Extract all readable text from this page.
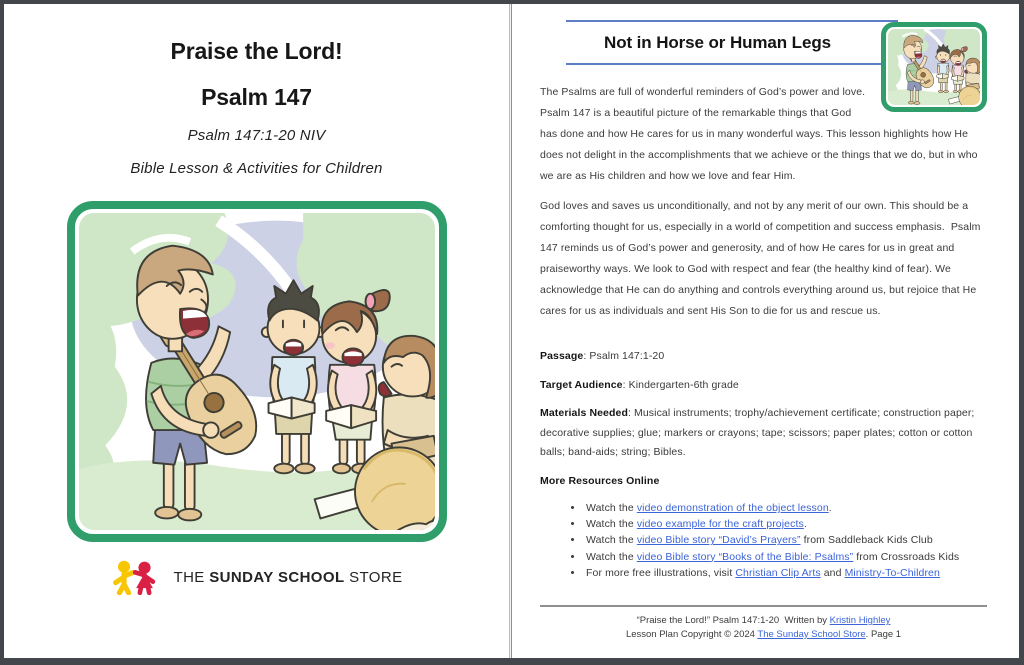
Praise the Lord!
Psalm 147
Psalm 147:1-20 NIV
Bible Lesson & Activities for Children
THE SUNDAY SCHOOL STORE
Not in Horse or Human Legs

The Psalms are full of wonderful reminders of God’s power and love. Psalm 147 is a beautiful picture of the remarkable things that God has done and how He cares for us in many wonderful ways. This lesson highlights how He does not delight in the accomplishments that we achieve or the things that we do, but in who we are as His children and how we love and fear Him.

God loves and saves us unconditionally, and not by any merit of our own. This should be a comforting thought for us, especially in a world of competition and success emphasis.  Psalm 147 reminds us of God’s power and generosity, and of how He cares for us in great and praiseworthy ways. We look to God with respect and fear (the healthy kind of fear). We acknowledge that He can do anything and controls everything around us, but rejoice that He cares for us as individuals and sent His Son to die for us and rescue us.

Passage: Psalm 147:1-20

Target Audience: Kindergarten-6th grade

Materials Needed: Musical instruments; trophy/achievement certificate; construction paper; decorative supplies; glue; markers or crayons; tape; scissors; paper plates; cotton or cotton balls; band-aids; string; Bibles.

More Resources Online

• Watch the video demonstration of the object lesson.
• Watch the video example for the craft projects.
• Watch the video Bible story “David’s Prayers” from Saddleback Kids Club
• Watch the video Bible story “Books of the Bible: Psalms” from Crossroads Kids
• For more free illustrations, visit Christian Clip Arts and Ministry-To-Children
“Praise the Lord!” Psalm 147:1-20  Written by Kristin Highley
Lesson Plan Copyright © 2024 The Sunday School Store. Page 1
